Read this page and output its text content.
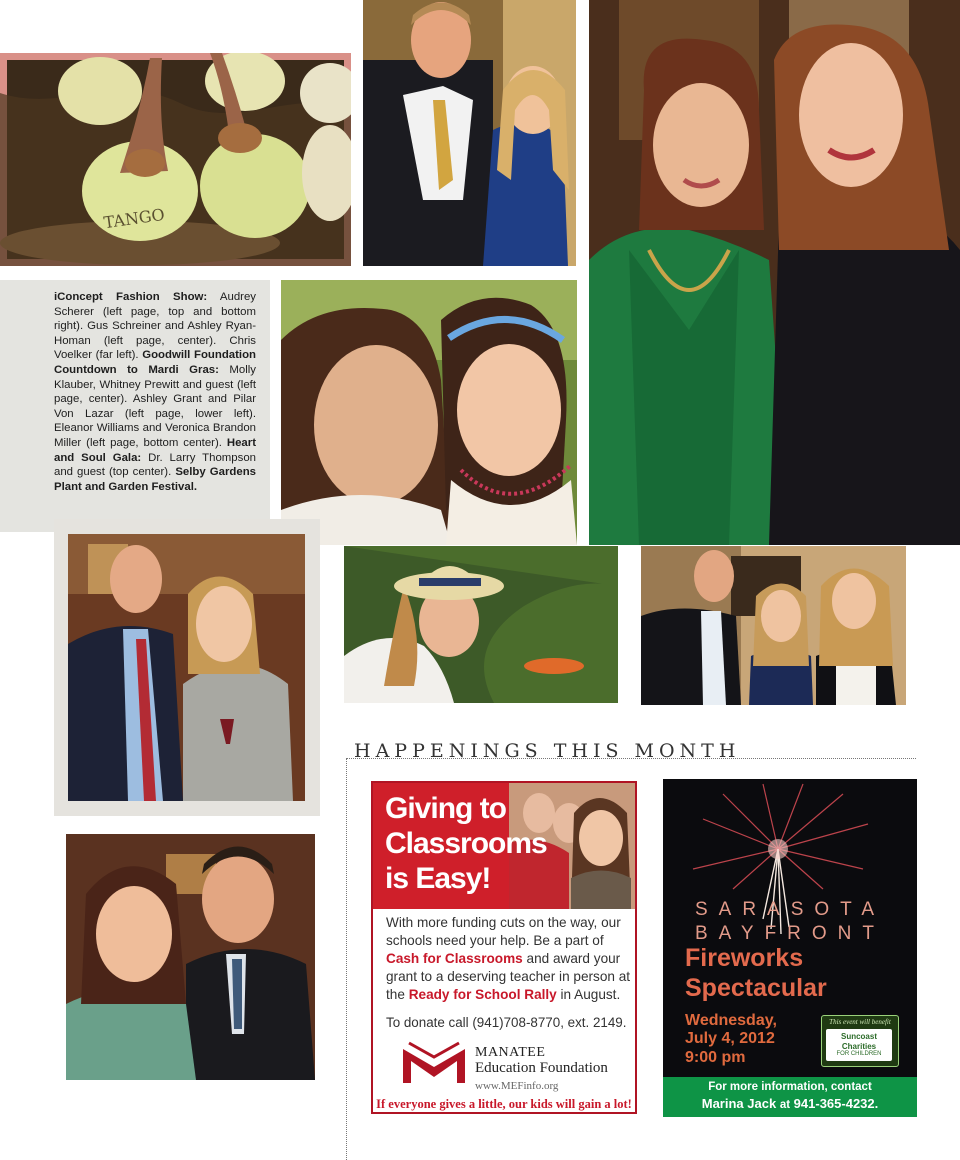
TANGO

iConcept Fashion Show: Audrey Scherer (left page, top and bottom right). Gus Schreiner and Ashley Ryan-Homan (left page, center). Chris Voelker (far left). Goodwill Foundation Countdown to Mardi Gras: Molly Klauber, Whitney Prewitt and guest (left page, center). Ashley Grant and Pilar Von Lazar (left page, lower left). Eleanor Williams and Veronica Brandon Miller (left page, bottom center). Heart and Soul Gala: Dr. Larry Thompson and guest (top center). Selby Gardens Plant and Garden Festival.

HAPPENINGS THIS MONTH

Giving to
Classrooms
is Easy!

With more funding cuts on the way, our schools need your help. Be a part of Cash for Classrooms and award your grant to a deserving teacher in person at the Ready for School Rally in August.

To donate call (941)708-8770, ext. 2149.

MANATEE
Education Foundation
www.MEFinfo.org
If everyone gives a little, our kids will gain a lot!
SARASOTA
BAYFRONT
Fireworks
Spectacular
Wednesday,
July 4, 2012
9:00 pm
This event will benefit
Suncoast
Charities
FOR CHILDREN
For more information, contact
Marina Jack at 941-365-4232.
